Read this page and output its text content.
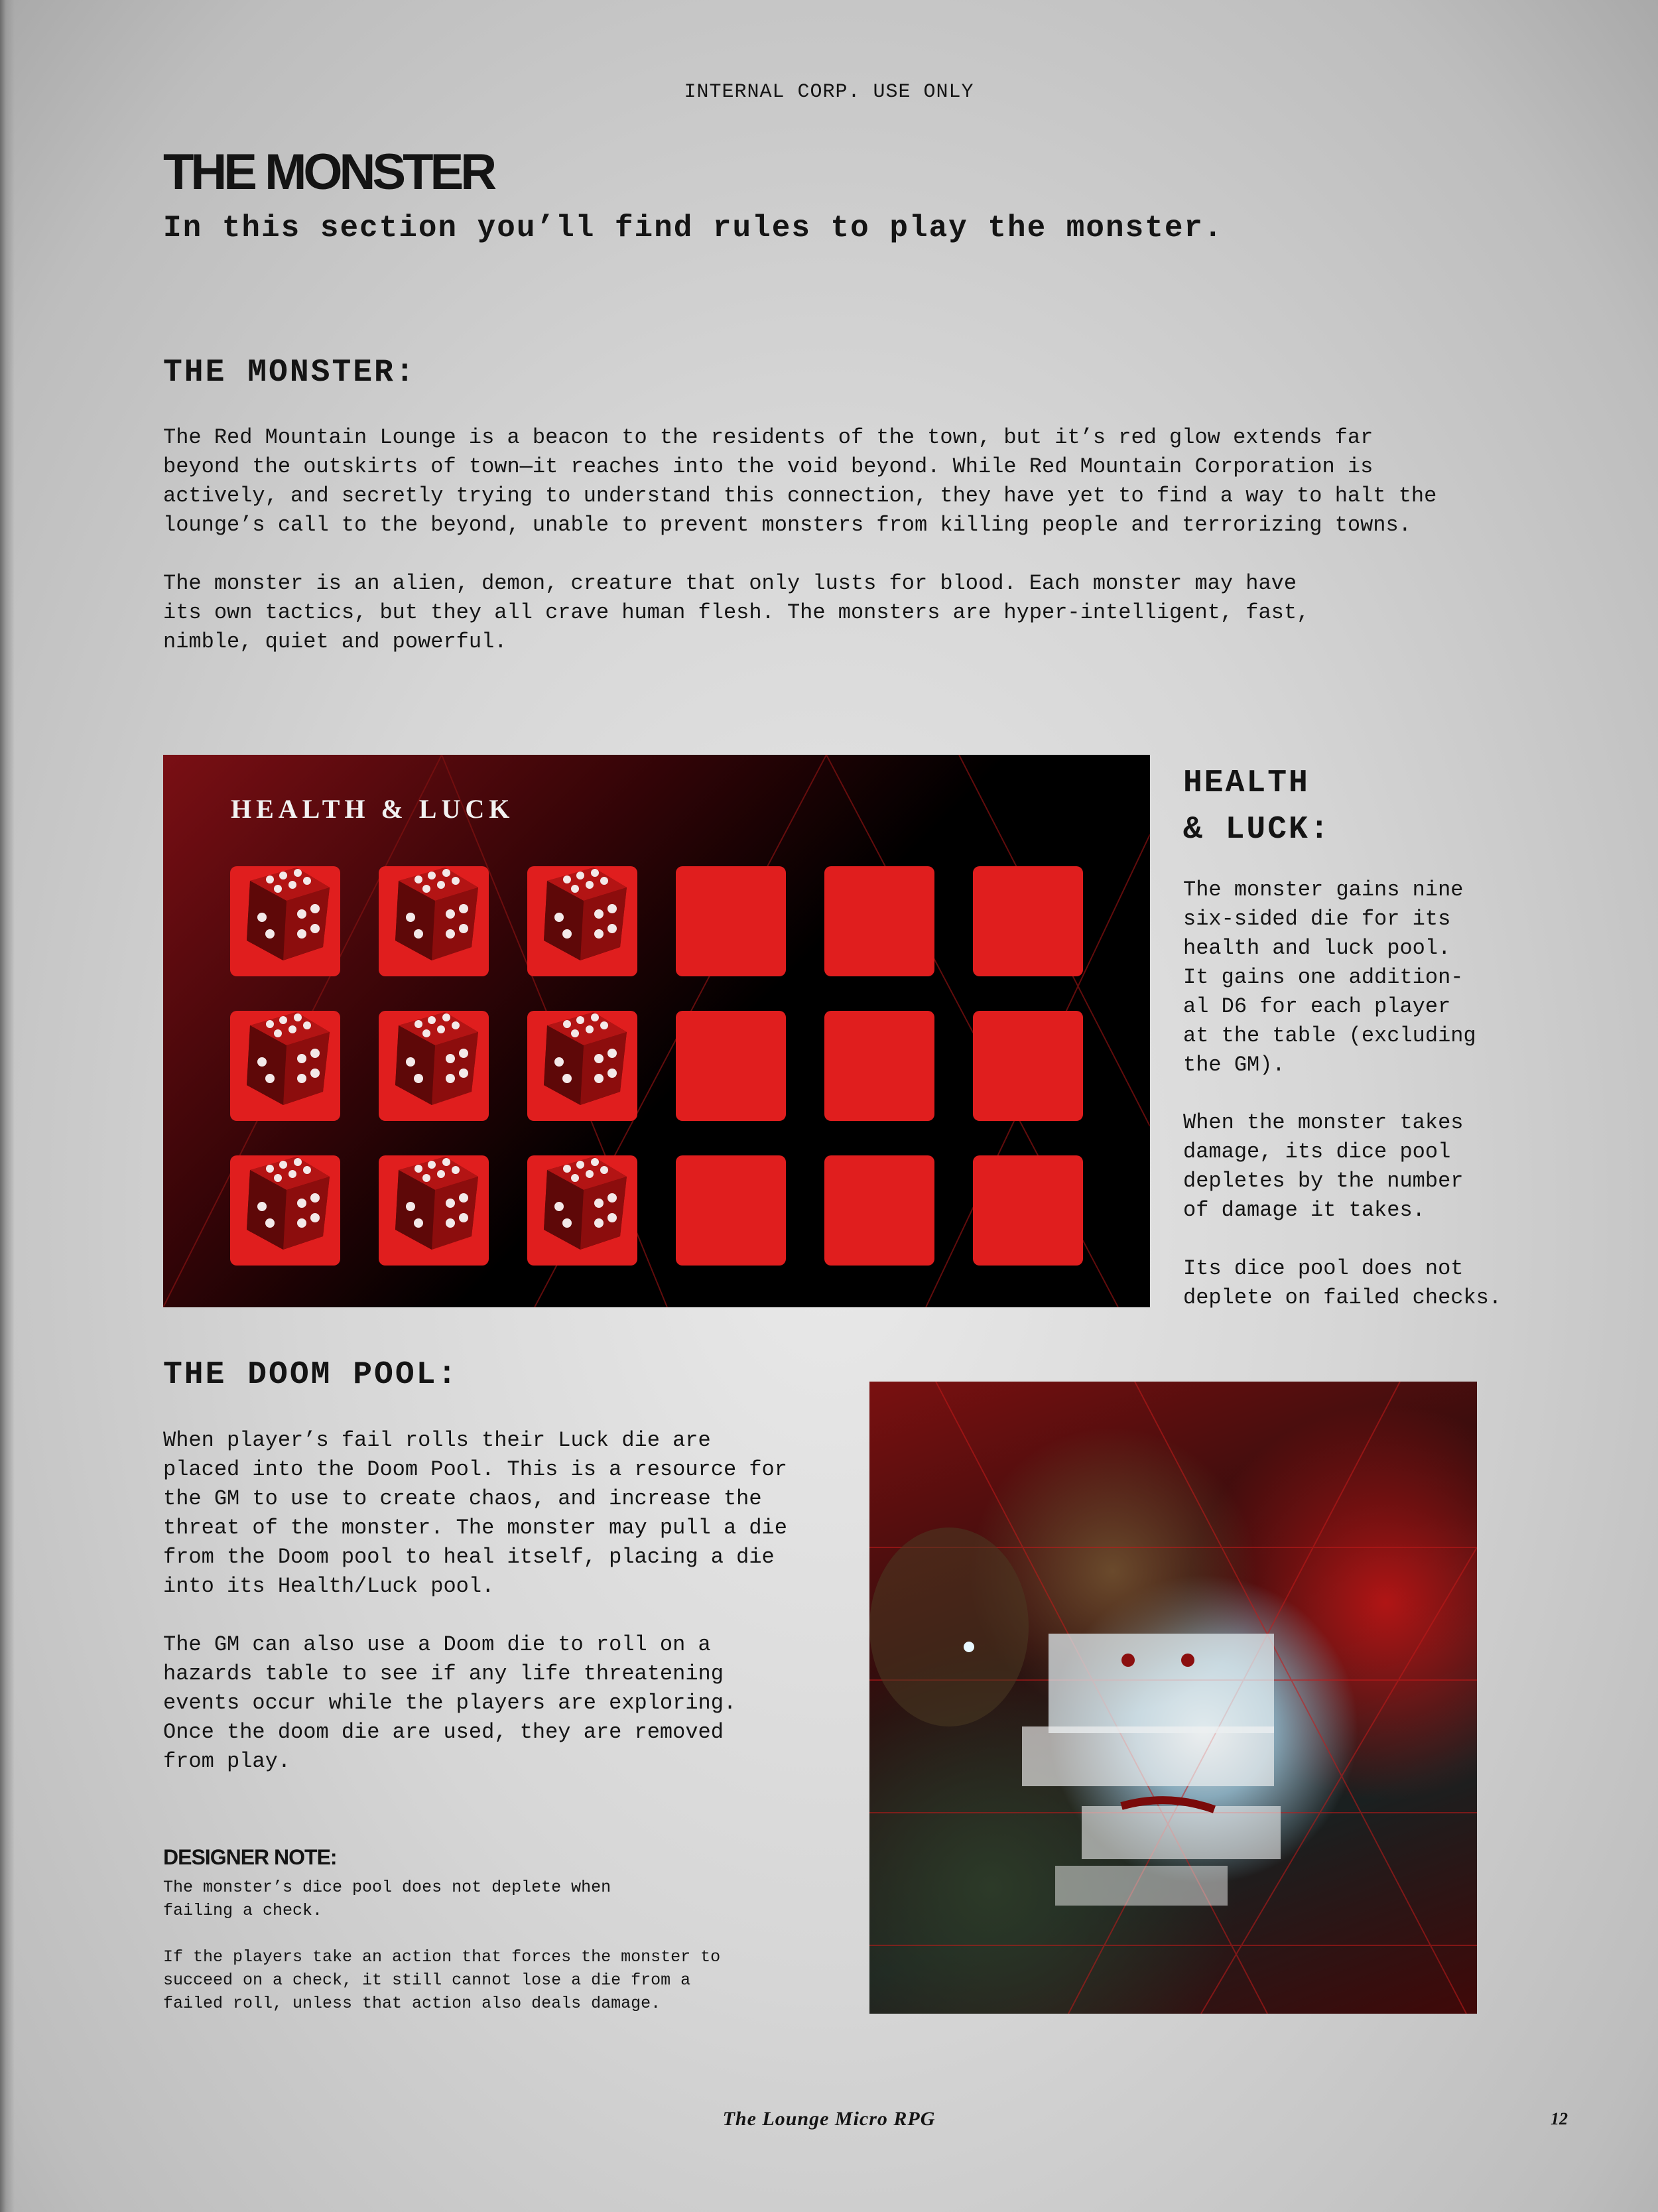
INTERNAL CORP. USE ONLY
THE MONSTER

In this section you’ll find rules to play the monster.

THE MONSTER:

The Red Mountain Lounge is a beacon to the residents of the town, but it’s red glow extends far
beyond the outskirts of town—it reaches into the void beyond. While Red Mountain Corporation is
actively, and secretly trying to understand this connection, they have yet to find a way to halt the
lounge’s call to the beyond, unable to prevent monsters from killing people and terrorizing towns.

The monster is an alien, demon, creature that only lusts for blood. Each monster may have
its own tactics, but they all crave human flesh. The monsters are hyper-intelligent, fast,
nimble, quiet and powerful.

HEALTH & LUCK
HEALTH
& LUCK:

The monster gains nine
six-sided die for its
health and luck pool.
It gains one addition-
al D6 for each player
at the table (excluding
the GM).

When the monster takes
damage, its dice pool
depletes by the number
of damage it takes.

Its dice pool does not
deplete on failed checks.

THE DOOM POOL:

When player’s fail rolls their Luck die are
placed into the Doom Pool. This is a resource for
the GM to use to create chaos, and increase the
threat of the monster. The monster may pull a die
from the Doom pool to heal itself, placing a die
into its Health/Luck pool.

The GM can also use a Doom die to roll on a
hazards table to see if any life threatening
events occur while the players are exploring.
Once the doom die are used, they are removed
from play.

DESIGNER NOTE:

The monster’s dice pool does not deplete when
failing a check.

If the players take an action that forces the monster to
succeed on a check, it still cannot lose a die from a
failed roll, unless that action also deals damage.

The Lounge Micro RPG	12
